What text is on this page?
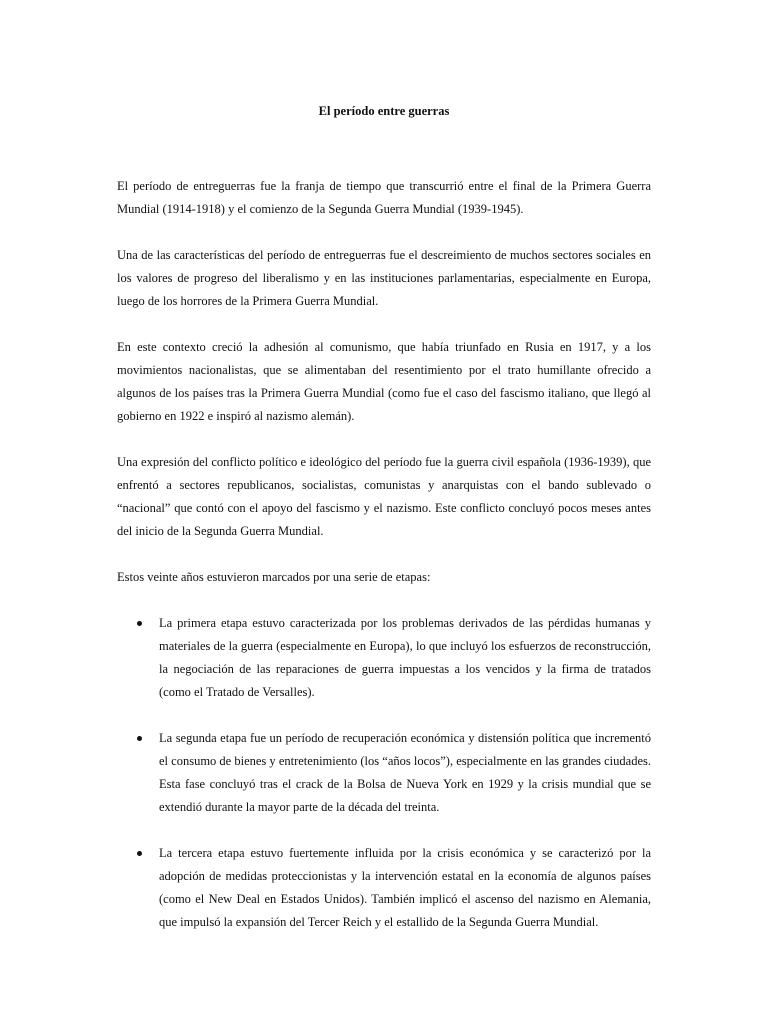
El período entre guerras

El período de entreguerras fue la franja de tiempo que transcurrió entre el final de la Primera Guerra Mundial (1914-1918) y el comienzo de la Segunda Guerra Mundial (1939-1945).

Una de las características del período de entreguerras fue el descreimiento de muchos sectores sociales en los valores de progreso del liberalismo y en las instituciones parlamentarias, especialmente en Europa, luego de los horrores de la Primera Guerra Mundial.

En este contexto creció la adhesión al comunismo, que había triunfado en Rusia en 1917, y a los movimientos nacionalistas, que se alimentaban del resentimiento por el trato humillante ofrecido a algunos de los países tras la Primera Guerra Mundial (como fue el caso del fascismo italiano, que llegó al gobierno en 1922 e inspiró al nazismo alemán).

Una expresión del conflicto político e ideológico del período fue la guerra civil española (1936-1939), que enfrentó a sectores republicanos, socialistas, comunistas y anarquistas con el bando sublevado o “nacional” que contó con el apoyo del fascismo y el nazismo. Este conflicto concluyó pocos meses antes del inicio de la Segunda Guerra Mundial.

Estos veinte años estuvieron marcados por una serie de etapas:

La primera etapa estuvo caracterizada por los problemas derivados de las pérdidas humanas y materiales de la guerra (especialmente en Europa), lo que incluyó los esfuerzos de reconstrucción, la negociación de las reparaciones de guerra impuestas a los vencidos y la firma de tratados (como el Tratado de Versalles).
La segunda etapa fue un período de recuperación económica y distensión política que incrementó el consumo de bienes y entretenimiento (los “años locos”), especialmente en las grandes ciudades. Esta fase concluyó tras el crack de la Bolsa de Nueva York en 1929 y la crisis mundial que se extendió durante la mayor parte de la década del treinta.
La tercera etapa estuvo fuertemente influida por la crisis económica y se caracterizó por la adopción de medidas proteccionistas y la intervención estatal en la economía de algunos países (como el New Deal en Estados Unidos). También implicó el ascenso del nazismo en Alemania, que impulsó la expansión del Tercer Reich y el estallido de la Segunda Guerra Mundial.
